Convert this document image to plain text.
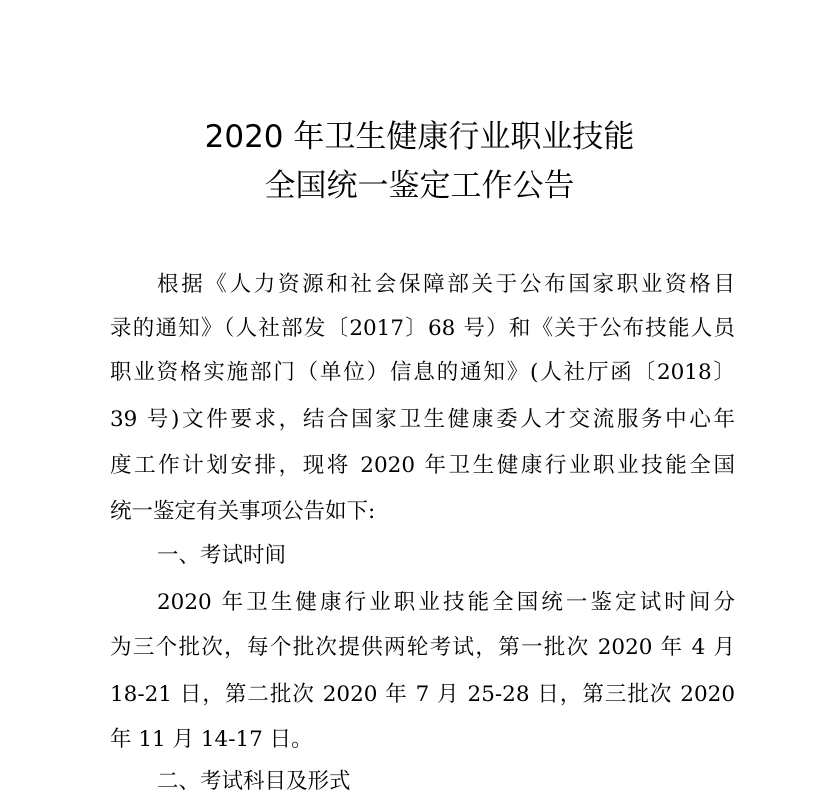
2020 年卫生健康行业职业技能
全国统一鉴定工作公告
根据《人力资源和社会保障部关于公布国家职业资格目
录的通知》（人社部发〔2017〕68 号）和《关于公布技能人员
职业资格实施部门（单位）信息的通知》(人社厅函〔2018〕
39 号)文件要求，结合国家卫生健康委人才交流服务中心年
度工作计划安排，现将 2020 年卫生健康行业职业技能全国
统一鉴定有关事项公告如下:
一、考试时间
2020 年卫生健康行业职业技能全国统一鉴定试时间分
为三个批次，每个批次提供两轮考试，第一批次 2020 年 4 月
18-21 日，第二批次 2020 年 7 月 25-28 日，第三批次 2020
年 11 月 14-17 日。
二、考试科目及形式
